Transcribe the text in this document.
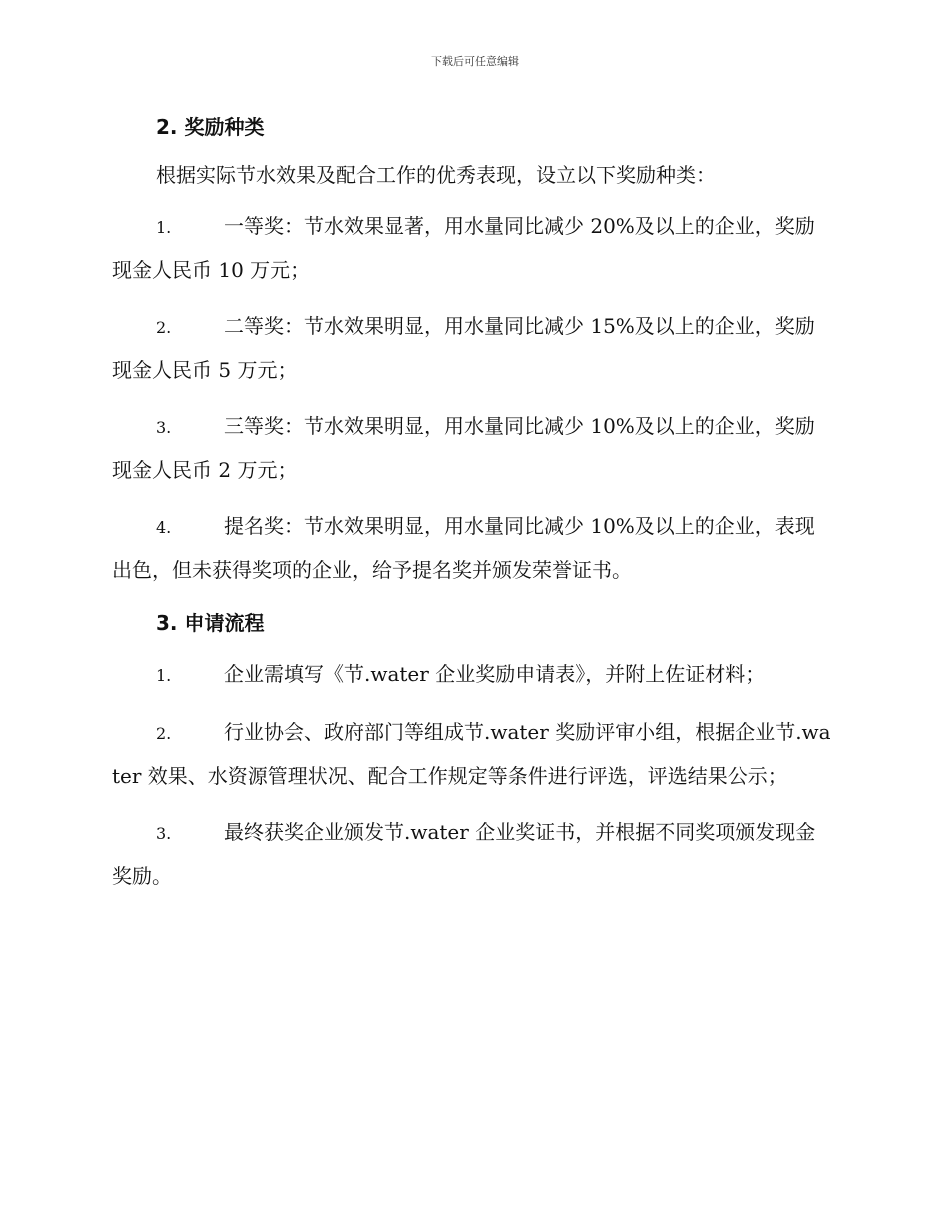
下载后可任意编辑
2. 奖励种类
根据实际节水效果及配合工作的优秀表现，设立以下奖励种类：
1.	一等奖：节水效果显著，用水量同比减少 20%及以上的企业，奖励现金人民币 10 万元；
2.	二等奖：节水效果明显，用水量同比减少 15%及以上的企业，奖励现金人民币 5 万元；
3.	三等奖：节水效果明显，用水量同比减少 10%及以上的企业，奖励现金人民币 2 万元；
4.	提名奖：节水效果明显，用水量同比减少 10%及以上的企业，表现出色，但未获得奖项的企业，给予提名奖并颁发荣誉证书。
3. 申请流程
1.	企业需填写《节.water 企业奖励申请表》，并附上佐证材料；
2.	行业协会、政府部门等组成节.water 奖励评审小组，根据企业节.water 效果、水资源管理状况、配合工作规定等条件进行评选，评选结果公示；
3.	最终获奖企业颁发节.water 企业奖证书，并根据不同奖项颁发现金奖励。
